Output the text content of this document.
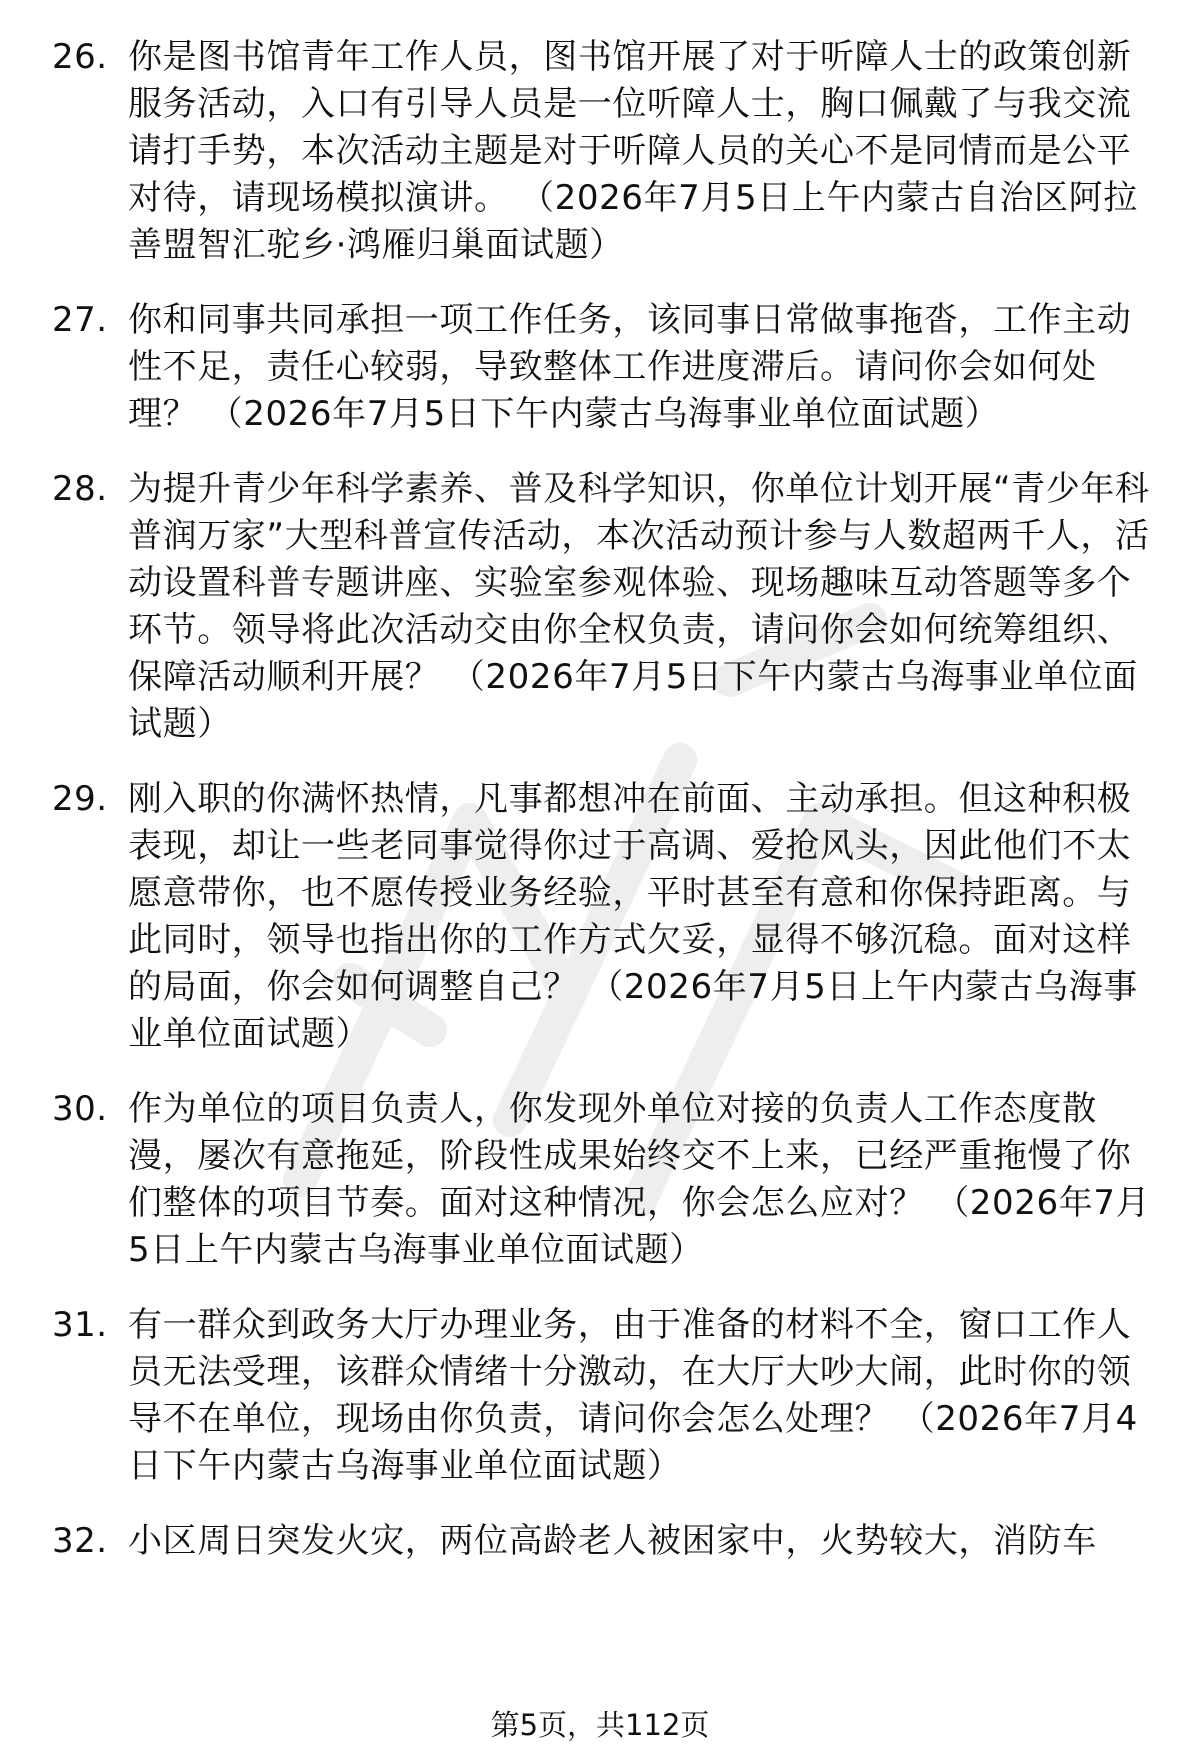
26. 你是图书馆青年工作人员，图书馆开展了对于听障人士的政策创新服务活动，入口有引导人员是一位听障人士，胸口佩戴了与我交流请打手势，本次活动主题是对于听障人员的关心不是同情而是公平对待，请现场模拟演讲。 （2026年7月5日上午内蒙古自治区阿拉善盟智汇驼乡·鸿雁归巢面试题）
27. 你和同事共同承担一项工作任务，该同事日常做事拖沓，工作主动性不足，责任心较弱，导致整体工作进度滞后。请问你会如何处理？ （2026年7月5日下午内蒙古乌海事业单位面试题）
28. 为提升青少年科学素养、普及科学知识，你单位计划开展“青少年科普润万家”大型科普宣传活动，本次活动预计参与人数超两千人，活动设置科普专题讲座、实验室参观体验、现场趣味互动答题等多个环节。领导将此次活动交由你全权负责，请问你会如何统筹组织、保障活动顺利开展？ （2026年7月5日下午内蒙古乌海事业单位面试题）
29. 刚入职的你满怀热情，凡事都想冲在前面、主动承担。但这种积极表现，却让一些老同事觉得你过于高调、爱抢风头，因此他们不太愿意带你，也不愿传授业务经验，平时甚至有意和你保持距离。与此同时，领导也指出你的工作方式欠妥，显得不够沉稳。面对这样的局面，你会如何调整自己？ （2026年7月5日上午内蒙古乌海事业单位面试题）
30. 作为单位的项目负责人，你发现外单位对接的负责人工作态度散漫，屡次有意拖延，阶段性成果始终交不上来，已经严重拖慢了你们整体的项目节奏。面对这种情况，你会怎么应对？ （2026年7月5日上午内蒙古乌海事业单位面试题）
31. 有一群众到政务大厅办理业务，由于准备的材料不全，窗口工作人员无法受理，该群众情绪十分激动，在大厅大吵大闹，此时你的领导不在单位，现场由你负责，请问你会怎么处理？ （2026年7月4日下午内蒙古乌海事业单位面试题）
32. 小区周日突发火灾，两位高龄老人被困家中，火势较大，消防车
第5页，共112页
